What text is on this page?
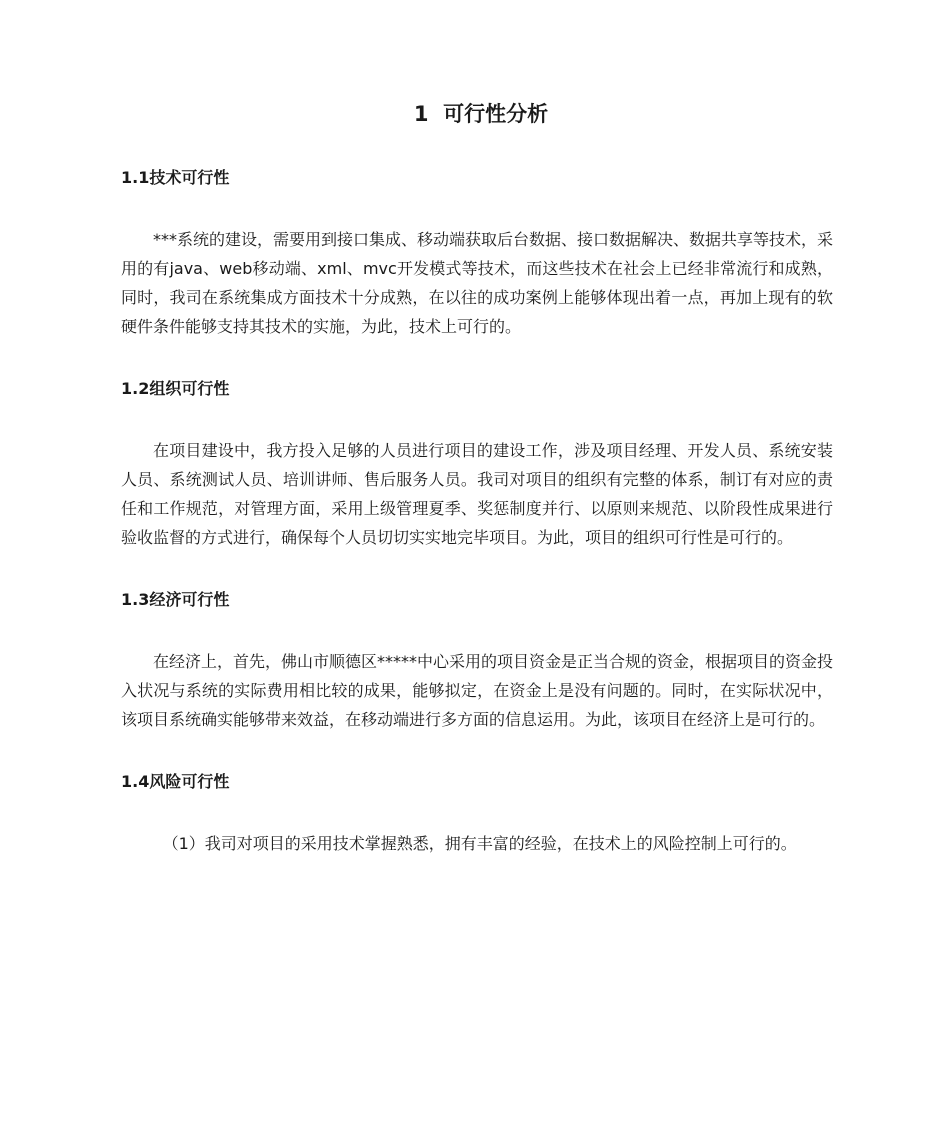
1  可行性分析
1.1技术可行性

***系统的建设，需要用到接口集成、移动端获取后台数据、接口数据解决、数据共享等技术，采用的有java、web移动端、xml、mvc开发模式等技术，而这些技术在社会上已经非常流行和成熟，同时，我司在系统集成方面技术十分成熟，在以往的成功案例上能够体现出着一点，再加上现有的软硬件条件能够支持其技术的实施，为此，技术上可行的。

1.2组织可行性

在项目建设中，我方投入足够的人员进行项目的建设工作，涉及项目经理、开发人员、系统安装人员、系统测试人员、培训讲师、售后服务人员。我司对项目的组织有完整的体系，制订有对应的责任和工作规范，对管理方面，采用上级管理夏季、奖惩制度并行、以原则来规范、以阶段性成果进行验收监督的方式进行，确保每个人员切切实实地完毕项目。为此，项目的组织可行性是可行的。

1.3经济可行性

在经济上，首先，佛山市顺德区*****中心采用的项目资金是正当合规的资金，根据项目的资金投入状况与系统的实际费用相比较的成果，能够拟定，在资金上是没有问题的。同时，在实际状况中，该项目系统确实能够带来效益，在移动端进行多方面的信息运用。为此，该项目在经济上是可行的。

1.4风险可行性

（1）我司对项目的采用技术掌握熟悉，拥有丰富的经验，在技术上的风险控制上可行的。
